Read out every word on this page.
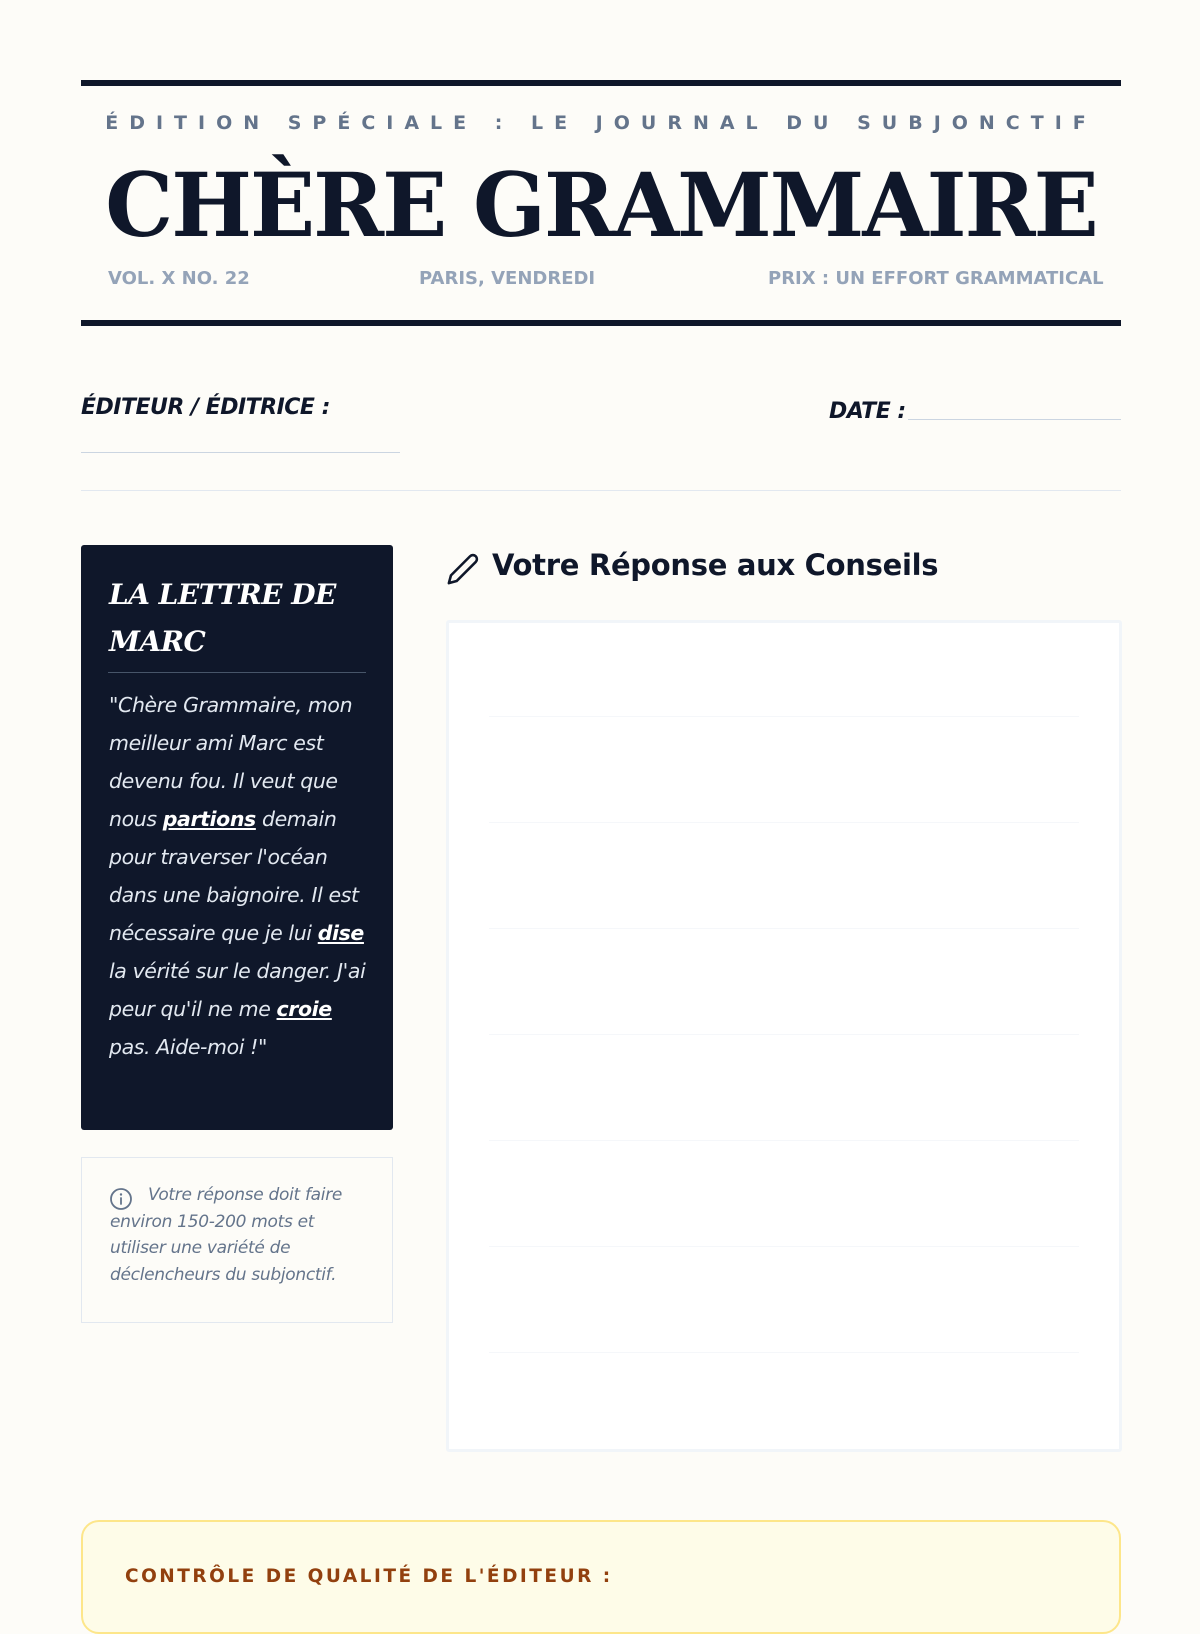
ÉDITION SPÉCIALE : LE JOURNAL DU SUBJONCTIF
CHÈRE GRAMMAIRE
VOL. X NO. 22	PARIS, VENDREDI	PRIX : UN EFFORT GRAMMATICAL
ÉDITEUR / ÉDITRICE :	DATE :
LA LETTRE DE MARC
"Chère Grammaire, mon meilleur ami Marc est devenu fou. Il veut que nous partions demain pour traverser l'océan dans une baignoire. Il est nécessaire que je lui dise la vérité sur le danger. J'ai peur qu'il ne me croie pas. Aide-moi !"
Votre réponse doit faire environ 150-200 mots et utiliser une variété de déclencheurs du subjonctif.
Votre Réponse aux Conseils
CONTRÔLE DE QUALITÉ DE L'ÉDITEUR :
